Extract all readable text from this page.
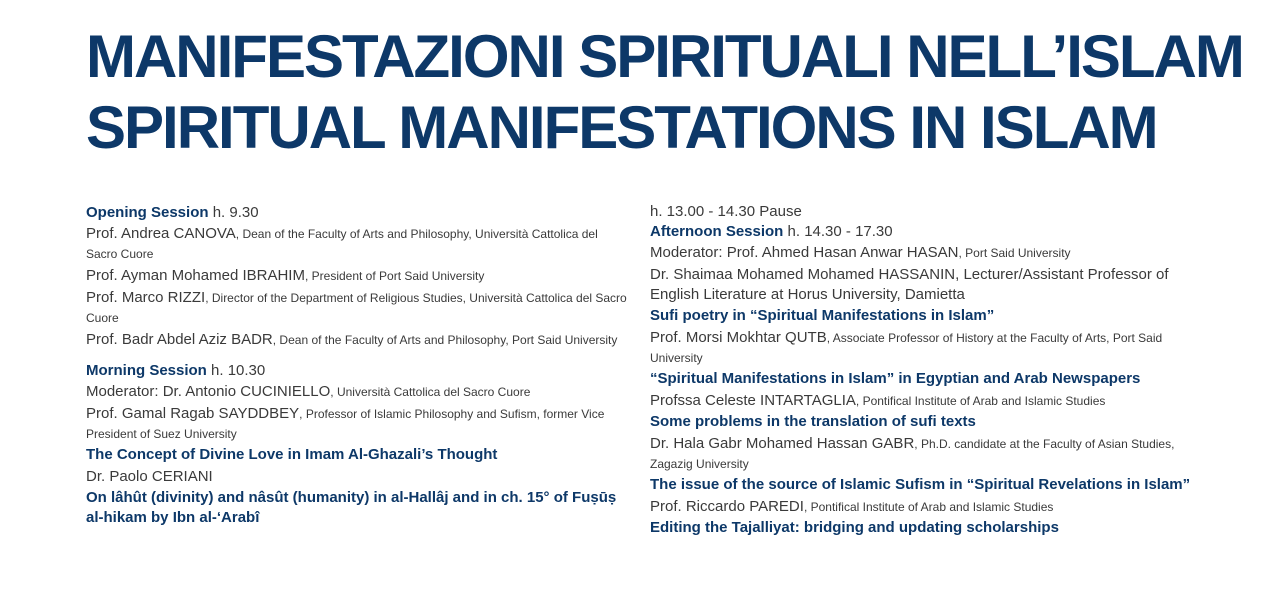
MANIFESTAZIONI SPIRITUALI NELL’ISLAM
SPIRITUAL MANIFESTATIONS IN ISLAM
Opening Session h. 9.30
Prof. Andrea CANOVA, Dean of the Faculty of Arts and Philosophy, Università Cattolica del Sacro Cuore
Prof. Ayman Mohamed IBRAHIM, President of Port Said University
Prof. Marco RIZZI, Director of the Department of Religious Studies, Università Cattolica del Sacro Cuore
Prof. Badr Abdel Aziz BADR, Dean of the Faculty of Arts and Philosophy, Port Said University
Morning Session h. 10.30
Moderator: Dr. Antonio CUCINIELLO, Università Cattolica del Sacro Cuore
Prof. Gamal Ragab SAYDDBEY, Professor of Islamic Philosophy and Sufism, former Vice President of Suez University
The Concept of Divine Love in Imam Al-Ghazali’s Thought
Dr. Paolo CERIANI
On lâhût (divinity) and nâsût (humanity) in al-Hallâj and in ch. 15° of Fuṣūṣ al-hikam by Ibn al-‘Arabî
h. 13.00 - 14.30 Pause
Afternoon Session h. 14.30 - 17.30
Moderator: Prof. Ahmed Hasan Anwar HASAN, Port Said University
Dr. Shaimaa Mohamed Mohamed HASSANIN, Lecturer/Assistant Professor of English Literature at Horus University, Damietta
Sufi poetry in “Spiritual Manifestations in Islam”
Prof. Morsi Mokhtar QUTB, Associate Professor of History at the Faculty of Arts, Port Said University
“Spiritual Manifestations in Islam” in Egyptian and Arab Newspapers
Profssa Celeste INTARTAGLIA, Pontifical Institute of Arab and Islamic Studies
Some problems in the translation of sufi texts
Dr. Hala Gabr Mohamed Hassan GABR, Ph.D. candidate at the Faculty of Asian Studies, Zagazig University
The issue of the source of Islamic Sufism in “Spiritual Revelations in Islam”
Prof. Riccardo PAREDI, Pontifical Institute of Arab and Islamic Studies
Editing the Tajalliyat: bridging and updating scholarships
